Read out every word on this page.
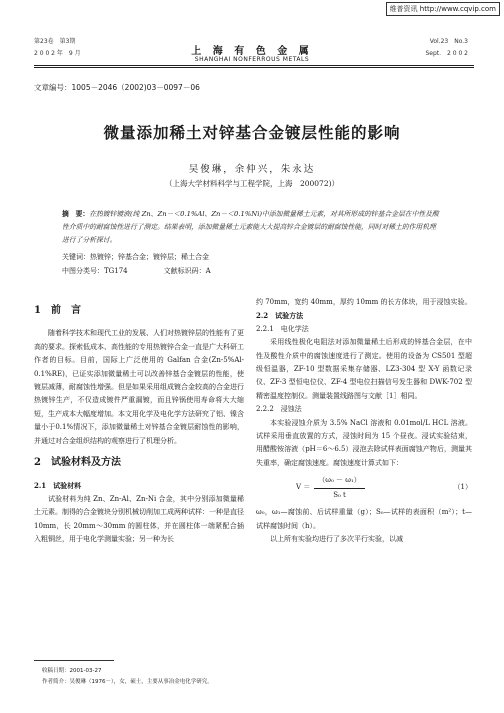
维普资讯 http://www.cqvip.com
第23卷　第3期
2 0 0 2 年　9 月	上 海 有 色 金 属
SHANGHAI NONFERROUS METALS
Vol.23　No.3
Sept.　2 0 0 2
文章编号：1005－2046（2002)03－0097－06
微量添加稀土对锌基合金镀层性能的影响
吴俊琳，余仲兴，朱永达
（上海大学材料科学与工程学院，上海　200072)）
摘　要：在热镀锌镀液(纯 Zn、Zn－＜0.1%Al、Zn－＜0.1%Ni)中添加微量稀土元素，对其所形成的锌基合金层在中性及酸性介质中的耐腐蚀性进行了测定。结果表明，添加微量稀土元素能大大提高锌合金镀层的耐腐蚀性能，同时对稀土的作用机理进行了分析探讨。
关键词：热镀锌；锌基合金；镀锌层；稀土合金
中图分类号：TG174	文献标识码：A

1　前　言

随着科学技术和现代工业的发展、人们对热镀锌层的性能有了更高的要求。探索低成本、高性能的专用热镀锌合金一直是广大科研工作者的目标。目前，国际上广泛使用的 Galfan 合金(Zn-5%Al-0.1%RE)，已证实添加微量稀土可以改善锌基合金镀层的性能，使镀层减薄，耐腐蚀性增强。但是如果采用组成镀合金较高的合金进行热镀锌生产，不仅造成镀件严重漏镀，而且锌锅使用寿命将大大缩短，生产成本大幅度增加。本文用化学及电化学方法研究了铝、镍含量小于0.1%情况下，添加微量稀土对锌基合金镀层耐蚀性的影响，并通过对合金组织结构的观察进行了机理分析。

2　试验材料及方法

2.1　试验材料

试验材料为纯 Zn、Zn-Al、Zn-Ni 合金，其中分别添加微量稀土元素。制得的合金镀块分别机械切削加工成两种试样：一种是直径 10mm，长 20mm～30mm 的圆柱体，并在圆柱体一端紧配合插入粗铜丝，用于电化学测量实验；另一种为长

约 70mm，宽约 40mm，厚约 10mm 的长方体块，用于浸蚀实验。

2.2　试验方法

2.2.1　电化学法

采用线性极化电阻法对添加微量稀土后形成的锌基合金层，在中性及酸性介质中的腐蚀速度进行了测定。使用的设备为 CS501 型超级恒温器，ZF-10 型数据采集存储器、LZ3-304 型 X-Y 函数记录仪、ZF-3 型恒电位仪、ZF-4 型电位扫描信号发生器和 DWK-702 型精密温度控制仪。测量装置线路图与文献［1］相同。

2.2.2　浸蚀法

本实验浸蚀介质为 3.5% NaCl 溶液和 0.01mol/L HCL 溶液。试样采用垂直放置的方式，浸蚀时间为 15 个昼夜。浸试实验结束，用醋酸铵溶液（pH＝6～6.5）浸泡去除试样表面腐蚀产物后，测量其失重率，确定腐蚀速度。腐蚀速度计算式如下：

$V = \frac{\text{（ω₀ － ω₁）}}{\text{S₀ t}}$	（1）

ω₀，ω₁—腐蚀前、后试样重量（g）；S₀—试样的表面积（m²）；t—试样腐蚀时间（h）。

以上所有实验均进行了多次平行实验，以减

收稿日期：2001-03-27
作者简介：吴俊琳（1976－），女，硕士，主要从事冶金电化学研究。
